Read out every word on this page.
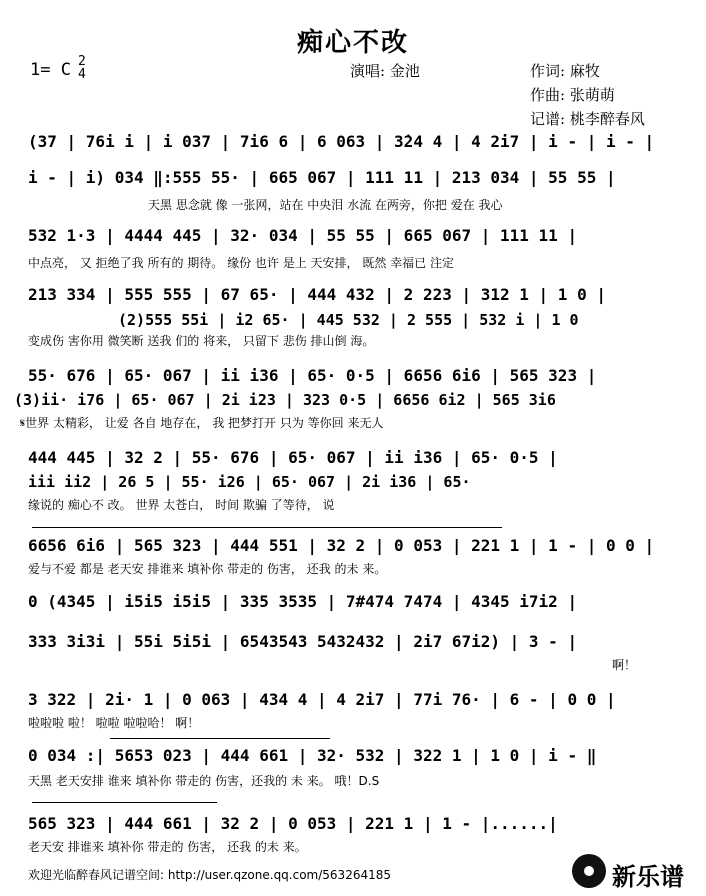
痴心不改
1= C 2
4	演唱: 金池	作词: 麻牧
作曲: 张萌萌
记谱: 桃李醉春风
(37 | 76i i | i 037 | 7i6 6 | 6 063 | 3̇24 4 | 4 2̇i7 | i - | i - |
i - | i) 034 ‖:555 55· | 665 067 | 111 11 | 213 034 | 55 55 |
天黑 思念就 像 一张网，站在 中央泪 水流 在两旁，你把 爱在 我心
532 1·3 | 4444 445 | 32· 034 | 55 55 | 665 067 | 111 11 |
中点亮， 又 拒绝了我 所有的 期待。 缘份 也许 是上 天安排， 既然 幸福已 注定
213 334 | 555 555 | 67 65· | 444 432 | 2 223 | 312 1 | 1 0 |
(2)555 55i | i2 65· | 445 532 | 2 555 | 532 i | 1 0
变成伤 害你用 微笑断 送我 们的 将来， 只留下 悲伤 排山倒 海。
55· 676 | 65· 067 | ii i36 | 65· 0·5 | 6656 6i6 | 565 323 |
(3)ii· i76 | 65· 067 | 2i i23 | 323 0·5 | 6656 6i2 | 565 3i6
𝄋世界 太精彩， 让爱 各自 地存在， 我 把梦打开 只为 等你回 来无人
444 445 | 32 2 | 55· 676 | 65· 067 | ii i36 | 65· 0·5 |
iii ii2 | 26 5 | 55· i26 | 65· 067 | 2i i36 | 65·
缘说的 痴心不 改。 世界 太苍白， 时间 欺骗 了等待， 说
6656 6i6 | 565 323 | 444 551 | 32 2 | 0 053 | 221 1 | 1 - | 0 0 |
爱与不爱 都是 老天安 排谁来 填补你 带走的 伤害， 还我 的未 来。
0 (4345 | i5i5 i5i5 | 335 3535 | 7#474 7474 | 4345 i7i2 |
333 3i3i | 55i 5i5i | 6543543 5432432 | 2i7 67i2) | 3 - |
啊！
3 322 | 2i· 1 | 0 063 | 434 4 | 4 2i7 | 77i 76· | 6 - | 0 0 |
啦啦啦 啦！ 啦啦 啦啦哈！ 啊！
0 034 :| 5653 023 | 444 661 | 32· 532 | 322 1 | 1 0 | i - ‖
天黑 老天安排 谁来 填补你 带走的 伤害，还我的 未 来。 哦！D.S
565 323 | 444 661 | 32 2 | 0 053 | 221 1 | 1 - |......|
老天安 排谁来 填补你 带走的 伤害， 还我 的未 来。
欢迎光临醉春风记谱空间: http://user.qzone.qq.com/563264185	新乐谱
